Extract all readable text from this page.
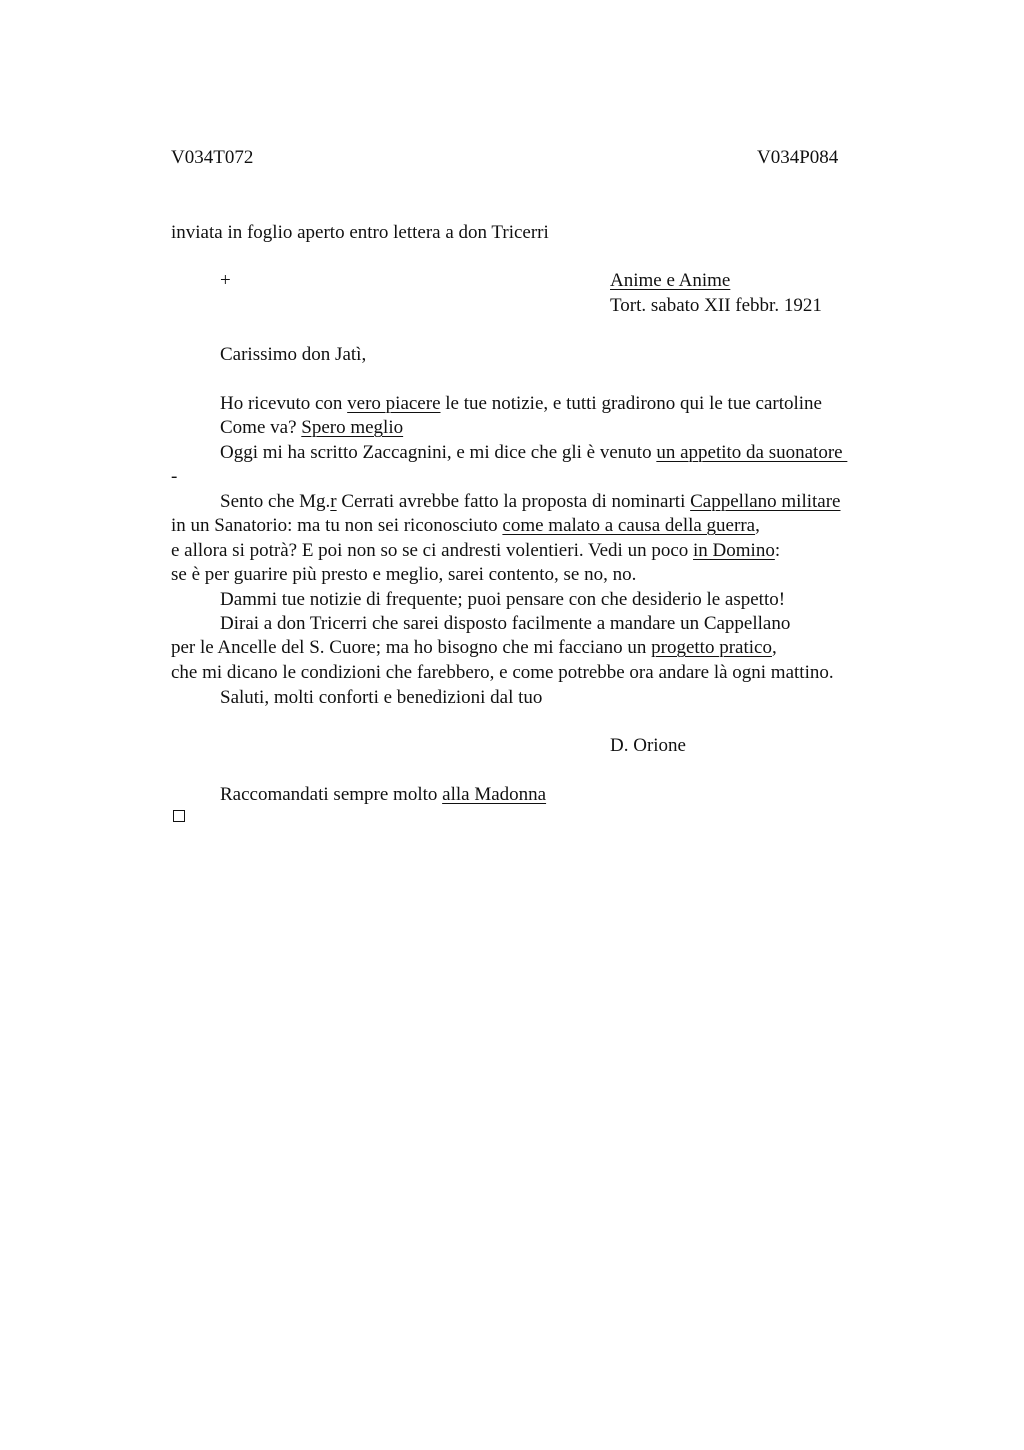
V034T072	V034P084
inviata in foglio aperto entro lettera a don Tricerri
+	Anime e Anime
Tort. sabato XII febbr. 1921
Carissimo don Jatì,
Ho ricevuto con vero piacere le tue notizie, e tutti gradirono qui le tue cartoline
Come va? Spero meglio
Oggi mi ha scritto Zaccagnini, e mi dice che gli è venuto un appetito da suonatore
-
Sento che Mg.r Cerrati avrebbe fatto la proposta di nominarti Cappellano militare
in un Sanatorio: ma tu non sei riconosciuto come malato a causa della guerra,
e allora si potrà? E poi non so se ci andresti volentieri. Vedi un poco in Domino:
se è per guarire più presto e meglio, sarei contento, se no, no.
Dammi tue notizie di frequente; puoi pensare con che desiderio le aspetto!
Dirai a don Tricerri che sarei disposto facilmente a mandare un Cappellano
per le Ancelle del S. Cuore; ma ho bisogno che mi facciano un progetto pratico,
che mi dicano le condizioni che farebbero, e come potrebbe ora andare là ogni mattino.
Saluti, molti conforti e benedizioni dal tuo
D. Orione
Raccomandati sempre molto alla Madonna
